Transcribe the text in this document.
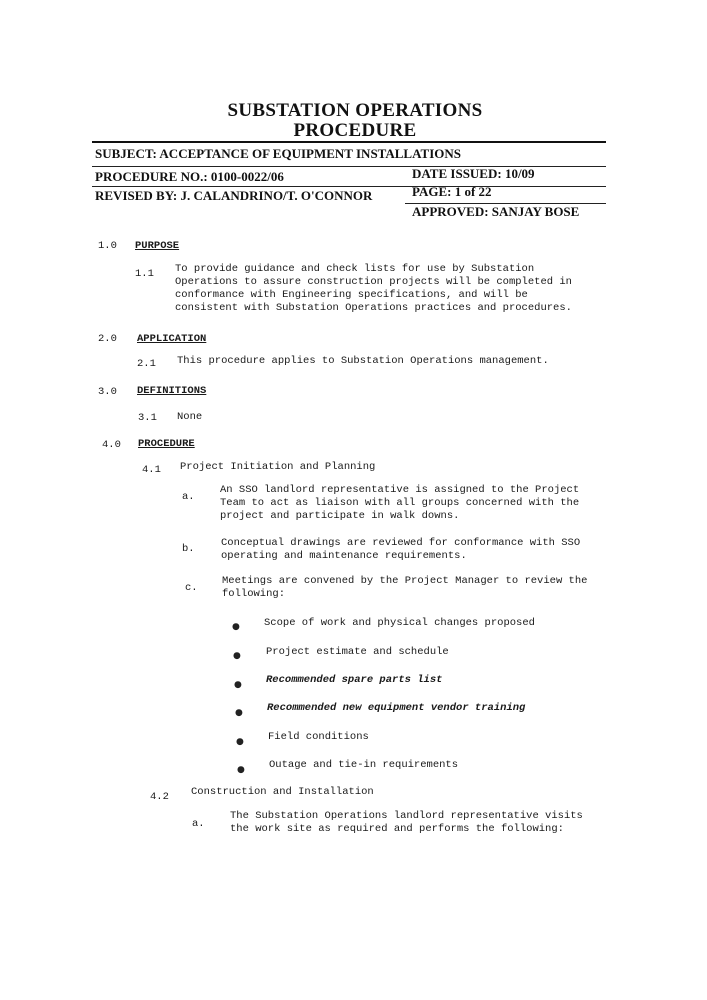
SUBSTATION OPERATIONS
PROCEDURE
SUBJECT: ACCEPTANCE OF EQUIPMENT INSTALLATIONS
PROCEDURE NO.: 0100-0022/06	DATE ISSUED: 10/09
REVISED BY: J. CALANDRINO/T. O'CONNOR	PAGE: 1 of 22
APPROVED: SANJAY BOSE
1.0 PURPOSE
1.1 To provide guidance and check lists for use by Substation
Operations to assure construction projects will be completed in
conformance with Engineering specifications, and will be
consistent with Substation Operations practices and procedures.
2.0 APPLICATION
2.1 This procedure applies to Substation Operations management.
3.0 DEFINITIONS
3.1 None
4.0 PROCEDURE
4.1 Project Initiation and Planning
a.
An SSO landlord representative is assigned to the Project
Team to act as liaison with all groups concerned with the
project and participate in walk downs.
b.	Conceptual drawings are reviewed for conformance with SSO
operating and maintenance requirements.
c.
Meetings are convened by the Project Manager to review the
following:
● Scope of work and physical changes proposed
● Project estimate and schedule
● Recommended spare parts list
● Recommended new equipment vendor training
● Field conditions
● Outage and tie-in requirements
4.2 Construction and Installation
a.
The Substation Operations landlord representative visits
the work site as required and performs the following:
